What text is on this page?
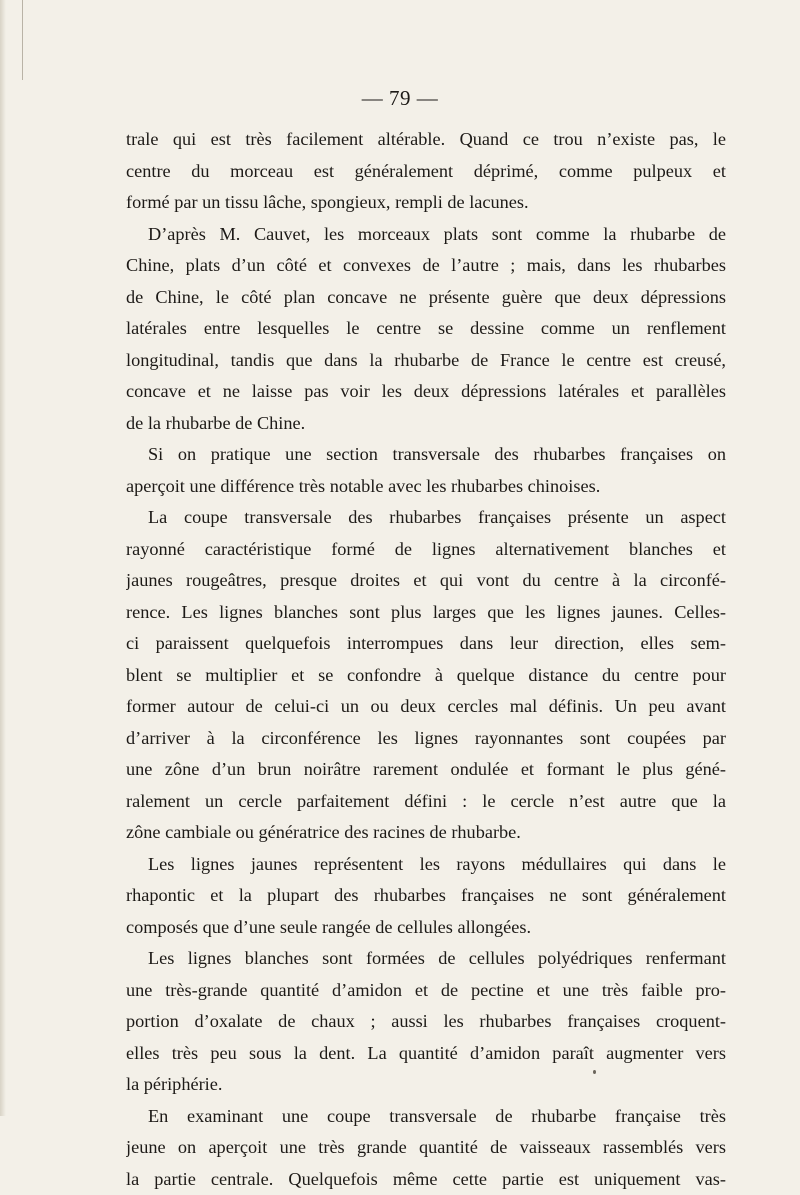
— 79 —
trale qui est très facilement altérable. Quand ce trou n’existe pas, le
centre du morceau est généralement déprimé, comme pulpeux et
formé par un tissu lâche, spongieux, rempli de lacunes.
D’après M. Cauvet, les morceaux plats sont comme la rhubarbe de
Chine, plats d’un côté et convexes de l’autre ; mais, dans les rhubarbes
de Chine, le côté plan concave ne présente guère que deux dépressions
latérales entre lesquelles le centre se dessine comme un renflement
longitudinal, tandis que dans la rhubarbe de France le centre est creusé,
concave et ne laisse pas voir les deux dépressions latérales et parallèles
de la rhubarbe de Chine.
Si on pratique une section transversale des rhubarbes françaises on
aperçoit une différence très notable avec les rhubarbes chinoises.
La coupe transversale des rhubarbes françaises présente un aspect
rayonné caractéristique formé de lignes alternativement blanches et
jaunes rougeâtres, presque droites et qui vont du centre à la circonfé-
rence. Les lignes blanches sont plus larges que les lignes jaunes. Celles-
ci paraissent quelquefois interrompues dans leur direction, elles sem-
blent se multiplier et se confondre à quelque distance du centre pour
former autour de celui-ci un ou deux cercles mal définis. Un peu avant
d’arriver à la circonférence les lignes rayonnantes sont coupées par
une zône d’un brun noirâtre rarement ondulée et formant le plus géné-
ralement un cercle parfaitement défini : le cercle n’est autre que la
zône cambiale ou génératrice des racines de rhubarbe.
Les lignes jaunes représentent les rayons médullaires qui dans le
rhapontic et la plupart des rhubarbes françaises ne sont généralement
composés que d’une seule rangée de cellules allongées.
Les lignes blanches sont formées de cellules polyédriques renfermant
une très-grande quantité d’amidon et de pectine et une très faible pro-
portion d’oxalate de chaux ; aussi les rhubarbes françaises croquent-
elles très peu sous la dent. La quantité d’amidon paraît augmenter vers
la périphérie.
En examinant une coupe transversale de rhubarbe française très
jeune on aperçoit une très grande quantité de vaisseaux rassemblés vers
la partie centrale. Quelquefois même cette partie est uniquement vas-
